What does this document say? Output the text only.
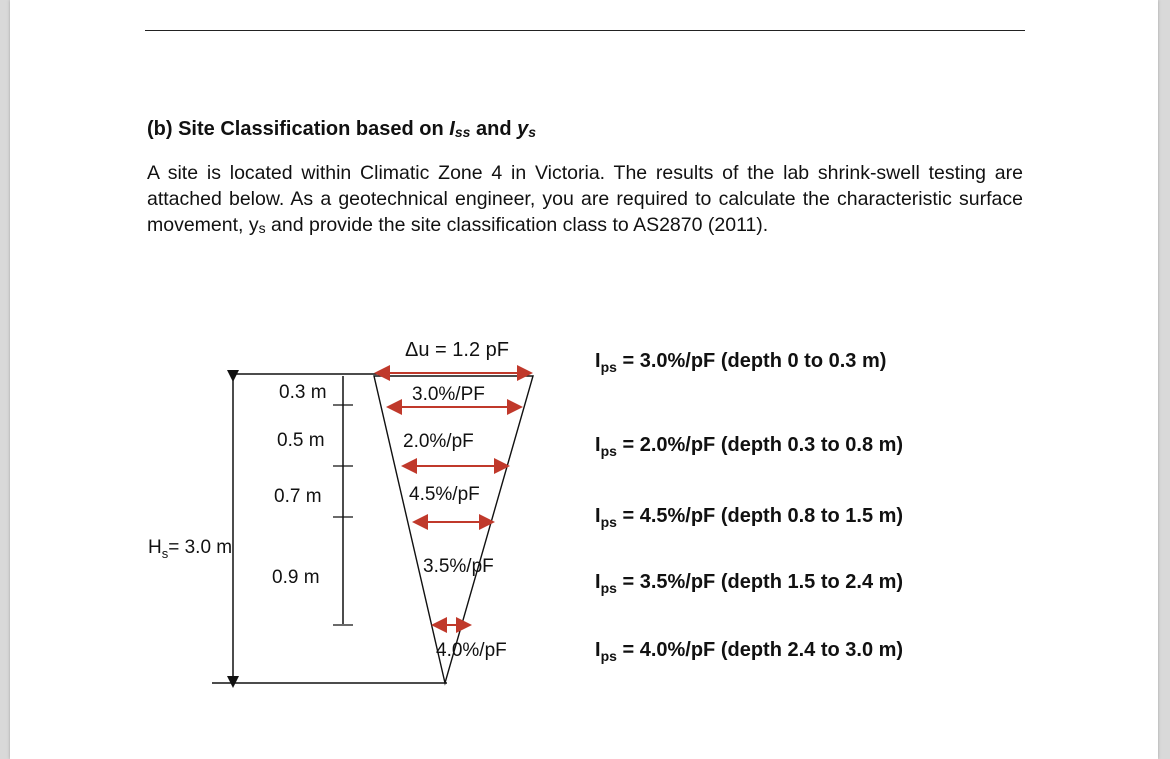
(b) Site Classification based on Iss and ys
A site is located within Climatic Zone 4 in Victoria. The results of the lab shrink-swell testing are attached below. As a geotechnical engineer, you are required to calculate the characteristic surface movement, ys and provide the site classification class to AS2870 (2011).
$H_s= 3.0$ m
0.3 m
0.5 m
0.7 m
0.9 m
Δu = 1.2 pF
3.0%/PF
2.0%/pF
4.5%/pF
3.5%/pF
4.0%/pF
$I_{ps} = 3.0\%/pF$ (depth 0 to 0.3 m)
$I_{ps} = 2.0\%/pF$ (depth 0.3 to 0.8 m)
$I_{ps} = 4.5\%/pF$ (depth 0.8 to 1.5 m)
$I_{ps} = 3.5\%/pF$ (depth 1.5 to 2.4 m)
$I_{ps} = 4.0\%/pF$ (depth 2.4 to 3.0 m)
